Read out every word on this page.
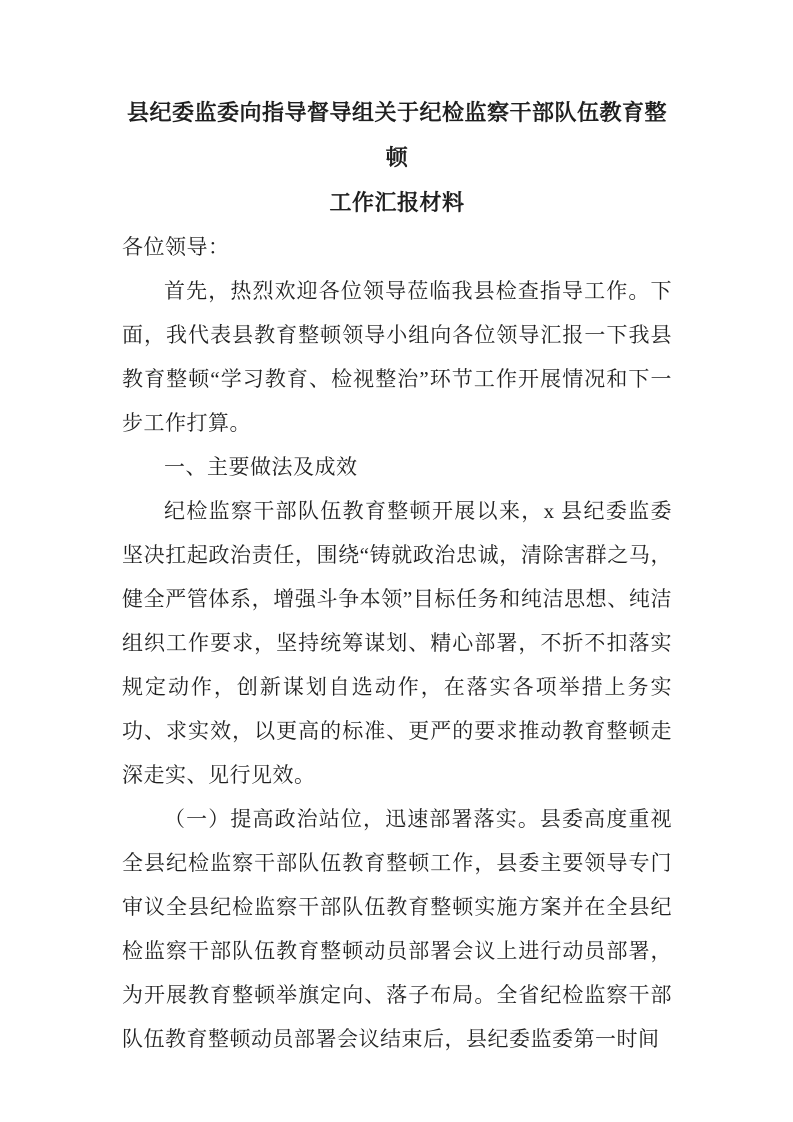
县纪委监委向指导督导组关于纪检监察干部队伍教育整顿
工作汇报材料
各位领导：

首先，热烈欢迎各位领导莅临我县检查指导工作。下面，我代表县教育整顿领导小组向各位领导汇报一下我县教育整顿“学习教育、检视整治”环节工作开展情况和下一步工作打算。

一、主要做法及成效

纪检监察干部队伍教育整顿开展以来，x 县纪委监委坚决扛起政治责任，围绕“铸就政治忠诚，清除害群之马，健全严管体系，增强斗争本领”目标任务和纯洁思想、纯洁组织工作要求，坚持统筹谋划、精心部署，不折不扣落实规定动作，创新谋划自选动作，在落实各项举措上务实功、求实效，以更高的标准、更严的要求推动教育整顿走深走实、见行见效。

（一）提高政治站位，迅速部署落实。县委高度重视全县纪检监察干部队伍教育整顿工作，县委主要领导专门审议全县纪检监察干部队伍教育整顿实施方案并在全县纪检监察干部队伍教育整顿动员部署会议上进行动员部署，为开展教育整顿举旗定向、落子布局。全省纪检监察干部队伍教育整顿动员部署会议结束后，县纪委监委第一时间
